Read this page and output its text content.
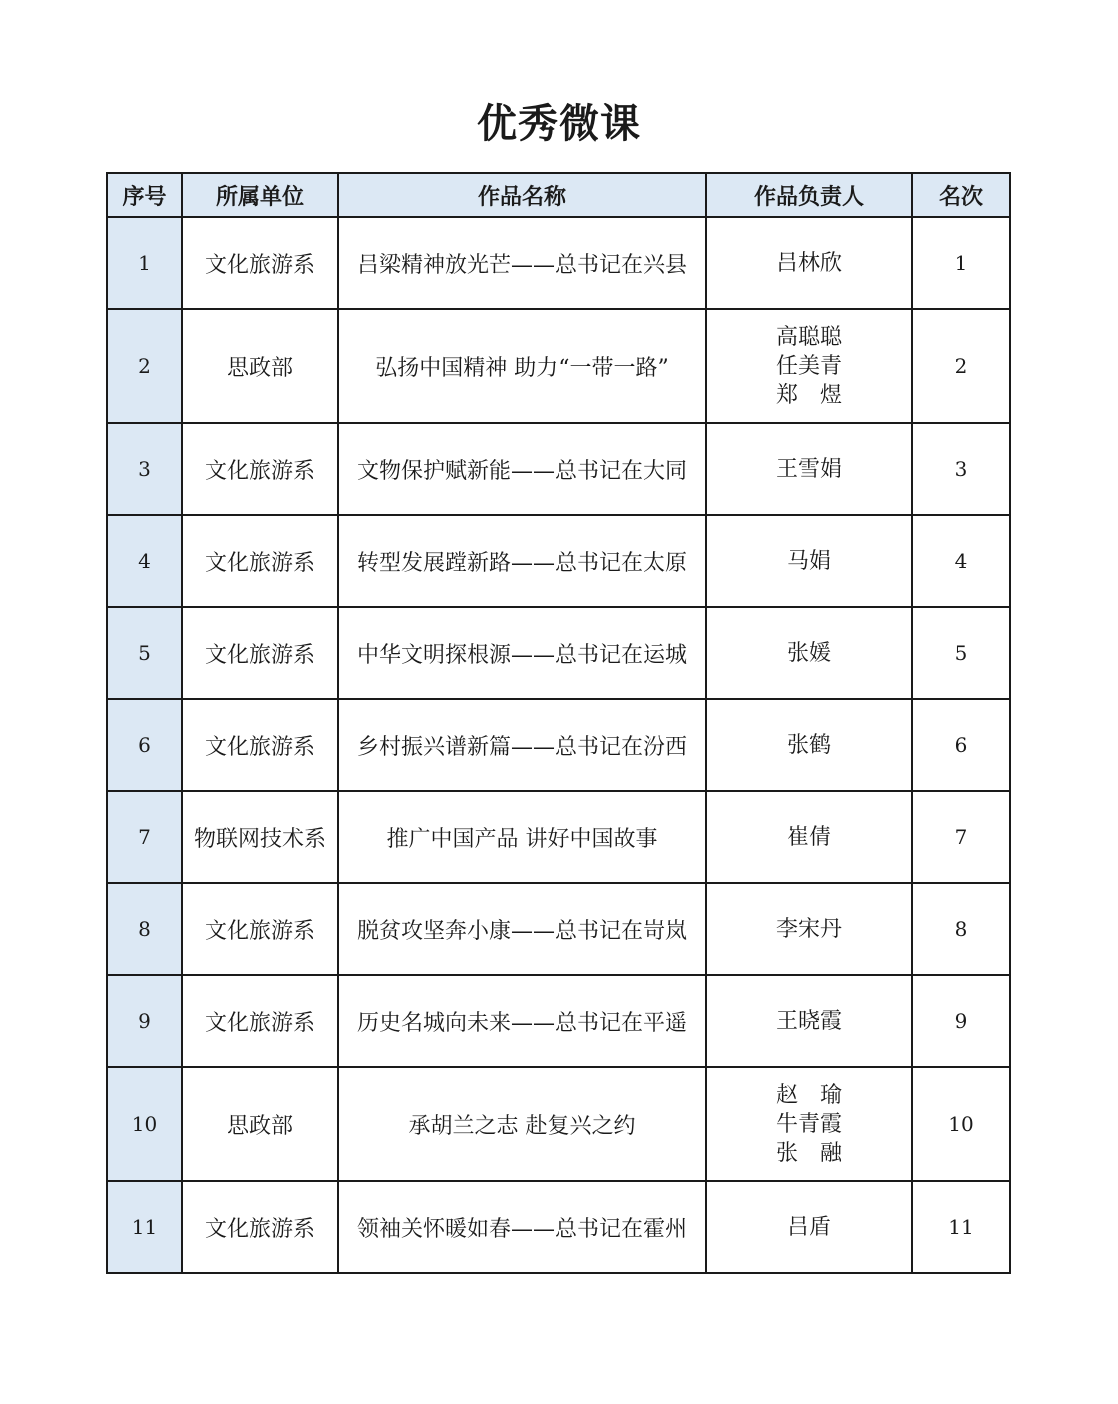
优秀微课
序号	所属单位	作品名称	作品负责人	名次
1	文化旅游系	吕梁精神放光芒——总书记在兴县	吕林欣	1
2	思政部	弘扬中国精神 助力“一带一路”	高聪聪
任美青
郑　煜	2
3	文化旅游系	文物保护赋新能——总书记在大同	王雪娟	3
4	文化旅游系	转型发展蹚新路——总书记在太原	马娟	4
5	文化旅游系	中华文明探根源——总书记在运城	张媛	5
6	文化旅游系	乡村振兴谱新篇——总书记在汾西	张鹤	6
7	物联网技术系	推广中国产品 讲好中国故事	崔倩	7
8	文化旅游系	脱贫攻坚奔小康——总书记在岢岚	李宋丹	8
9	文化旅游系	历史名城向未来——总书记在平遥	王晓霞	9
10	思政部	承胡兰之志 赴复兴之约	赵　瑜
牛青霞
张　融	10
11	文化旅游系	领袖关怀暖如春——总书记在霍州	吕盾	11
